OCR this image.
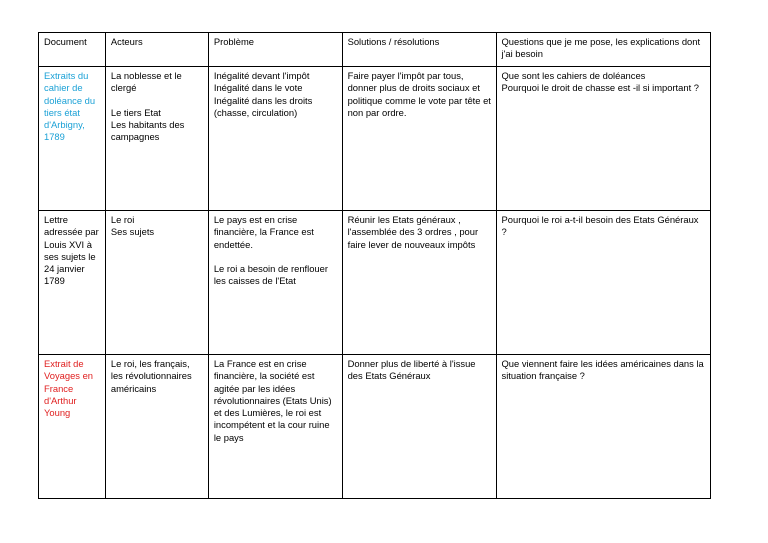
Document	Acteurs	Problème	Solutions / résolutions	Questions que je me pose, les explications dont j'ai besoin

Extraits du cahier de doléance du tiers état d'Arbigny, 1789	La noblesse et le clergé

Le tiers Etat
Les habitants des campagnes	Inégalité devant l'impôt
Inégalité dans le vote
Inégalité dans les droits (chasse, circulation)	Faire payer l'impôt par tous, donner plus de droits sociaux et politique comme le vote par tête et non par ordre.	Que sont les cahiers de doléances
Pourquoi le droit de chasse est -il si important ?

Lettre adressée par Louis XVI à ses sujets le 24 janvier 1789	Le roi
Ses sujets	Le pays est en crise financière, la France est endettée.

Le roi a besoin de renflouer les caisses de l'Etat	Réunir les Etats généraux , l'assemblée des 3 ordres , pour faire lever de nouveaux impôts	Pourquoi le roi a-t-il besoin des Etats Généraux ?

Extrait de Voyages en France d'Arthur Young	Le roi, les français, les révolutionnaires américains	La France est en crise financière, la société est agitée par les idées révolutionnaires (Etats Unis) et des Lumières, le roi est incompétent et la cour ruine le pays	Donner plus de liberté à l'issue des Etats Généraux	Que viennent faire les idées américaines dans la situation française ?
